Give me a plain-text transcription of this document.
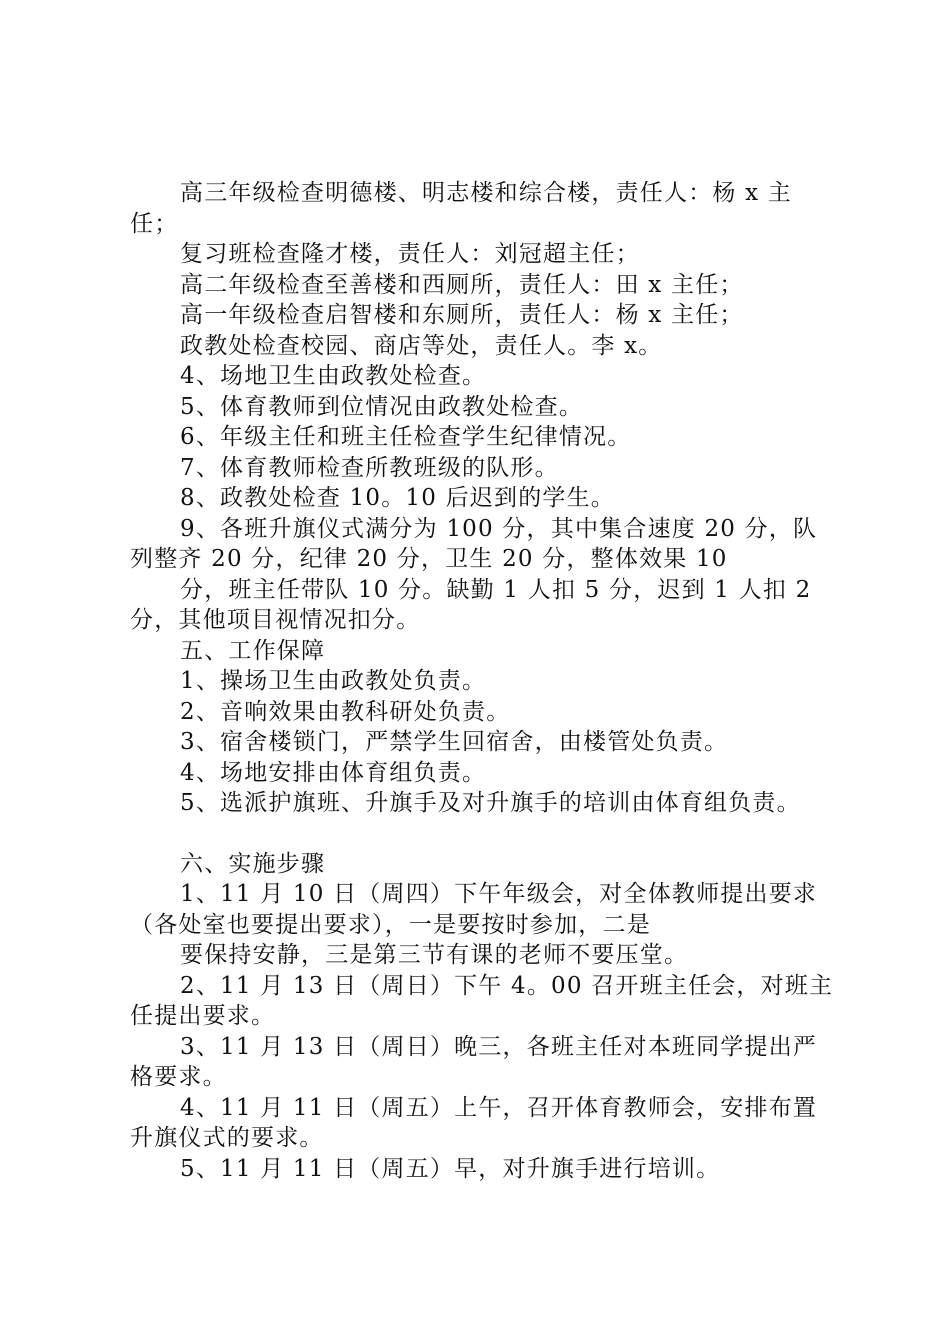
高三年级检查明德楼、明志楼和综合楼，责任人：杨 x 主任；

复习班检查隆才楼，责任人：刘冠超主任；

高二年级检查至善楼和西厕所，责任人：田 x 主任；

高一年级检查启智楼和东厕所，责任人：杨 x 主任；

政教处检查校园、商店等处，责任人。李 x。

4、场地卫生由政教处检查。

5、体育教师到位情况由政教处检查。

6、年级主任和班主任检查学生纪律情况。

7、体育教师检查所教班级的队形。

8、政教处检查 10。10 后迟到的学生。

9、各班升旗仪式满分为 100 分，其中集合速度 20 分，队列整齐 20 分，纪律 20 分，卫生 20 分，整体效果 10

分，班主任带队 10 分。缺勤 1 人扣 5 分，迟到 1 人扣 2 分，其他项目视情况扣分。

五、工作保障

1、操场卫生由政教处负责。

2、音响效果由教科研处负责。

3、宿舍楼锁门，严禁学生回宿舍，由楼管处负责。

4、场地安排由体育组负责。

5、选派护旗班、升旗手及对升旗手的培训由体育组负责。

六、实施步骤

1、11 月 10 日（周四）下午年级会，对全体教师提出要求（各处室也要提出要求），一是要按时参加，二是

要保持安静，三是第三节有课的老师不要压堂。

2、11 月 13 日（周日）下午 4。00 召开班主任会，对班主任提出要求。

3、11 月 13 日（周日）晚三，各班主任对本班同学提出严格要求。

4、11 月 11 日（周五）上午，召开体育教师会，安排布置升旗仪式的要求。

5、11 月 11 日（周五）早，对升旗手进行培训。
